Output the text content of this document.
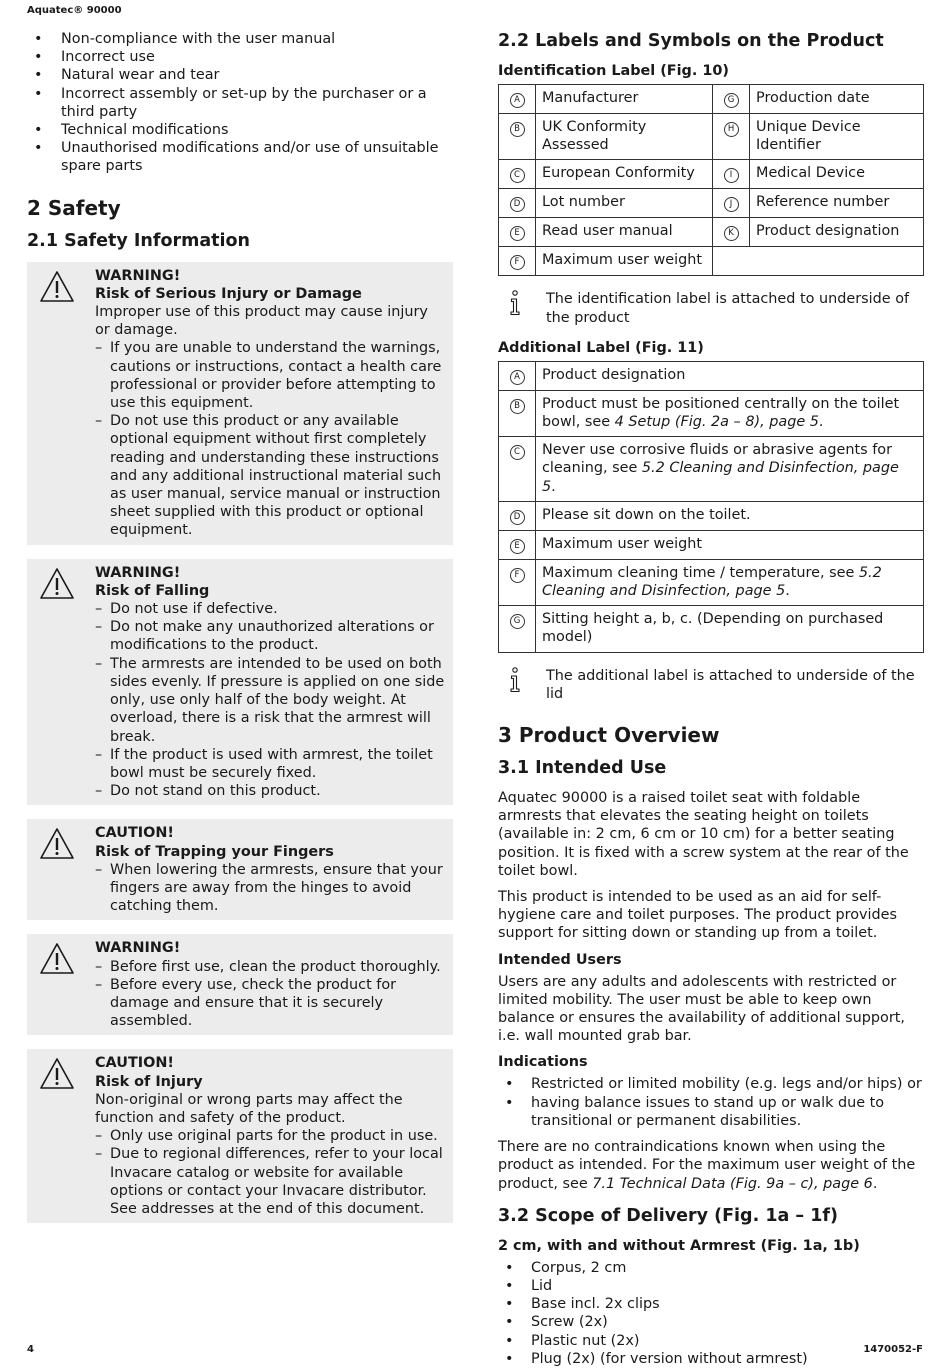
Aquatec® 90000
• Non-compliance with the user manual
• Incorrect use
• Natural wear and tear
• Incorrect assembly or set-up by the purchaser or a third party
• Technical modifications
• Unauthorised modifications and/or use of unsuitable spare parts
2 Safety
2.1 Safety Information
WARNING!
Risk of Serious Injury or Damage
Improper use of this product may cause injury or damage.
– If you are unable to understand the warnings, cautions or instructions, contact a health care professional or provider before attempting to use this equipment.
– Do not use this product or any available optional equipment without first completely reading and understanding these instructions and any additional instructional material such as user manual, service manual or instruction sheet supplied with this product or optional equipment.
WARNING!
Risk of Falling
– Do not use if defective.
– Do not make any unauthorized alterations or modifications to the product.
– The armrests are intended to be used on both sides evenly. If pressure is applied on one side only, use only half of the body weight. At overload, there is a risk that the armrest will break.
– If the product is used with armrest, the toilet bowl must be securely fixed.
– Do not stand on this product.
CAUTION!
Risk of Trapping your Fingers
– When lowering the armrests, ensure that your fingers are away from the hinges to avoid catching them.
WARNING!
– Before first use, clean the product thoroughly.
– Before every use, check the product for damage and ensure that it is securely assembled.
CAUTION!
Risk of Injury
Non-original or wrong parts may affect the function and safety of the product.
– Only use original parts for the product in use.
– Due to regional differences, refer to your local Invacare catalog or website for available options or contact your Invacare distributor. See addresses at the end of this document.
2.2 Labels and Symbols on the Product
Identification Label (Fig. 10)
A	Manufacturer	G	Production date
B	UK Conformity Assessed	H	Unique Device Identifier
C	European Conformity	I	Medical Device
D	Lot number	J	Reference number
E	Read user manual	K	Product designation
F	Maximum user weight		
The identification label is attached to underside of the product
Additional Label (Fig. 11)
A	Product designation
B	Product must be positioned centrally on the toilet bowl, see 4 Setup (Fig. 2a – 8), page 5.
C	Never use corrosive fluids or abrasive agents for cleaning, see 5.2 Cleaning and Disinfection, page 5.
D	Please sit down on the toilet.
E	Maximum user weight
F	Maximum cleaning time / temperature, see 5.2 Cleaning and Disinfection, page 5.
G	Sitting height a, b, c. (Depending on purchased model)
The additional label is attached to underside of the lid
3 Product Overview
3.1 Intended Use

Aquatec 90000 is a raised toilet seat with foldable armrests that elevates the seating height on toilets (available in: 2 cm, 6 cm or 10 cm) for a better seating position. It is fixed with a screw system at the rear of the toilet bowl.

This product is intended to be used as an aid for self-hygiene care and toilet purposes. The product provides support for sitting down or standing up from a toilet.

Intended Users

Users are any adults and adolescents with restricted or limited mobility. The user must be able to keep own balance or ensures the availability of additional support, i.e. wall mounted grab bar.

Indications
• Restricted or limited mobility (e.g. legs and/or hips) or
• having balance issues to stand up or walk due to transitional or permanent disabilities.

There are no contraindications known when using the product as intended. For the maximum user weight of the product, see 7.1 Technical Data (Fig. 9a – c), page 6.

3.2 Scope of Delivery (Fig. 1a – 1f)
2 cm, with and without Armrest (Fig. 1a, 1b)
• Corpus, 2 cm
• Lid
• Base incl. 2x clips
• Screw (2x)
• Plastic nut (2x)
• Plug (2x) (for version without armrest)
4	1470052-F
